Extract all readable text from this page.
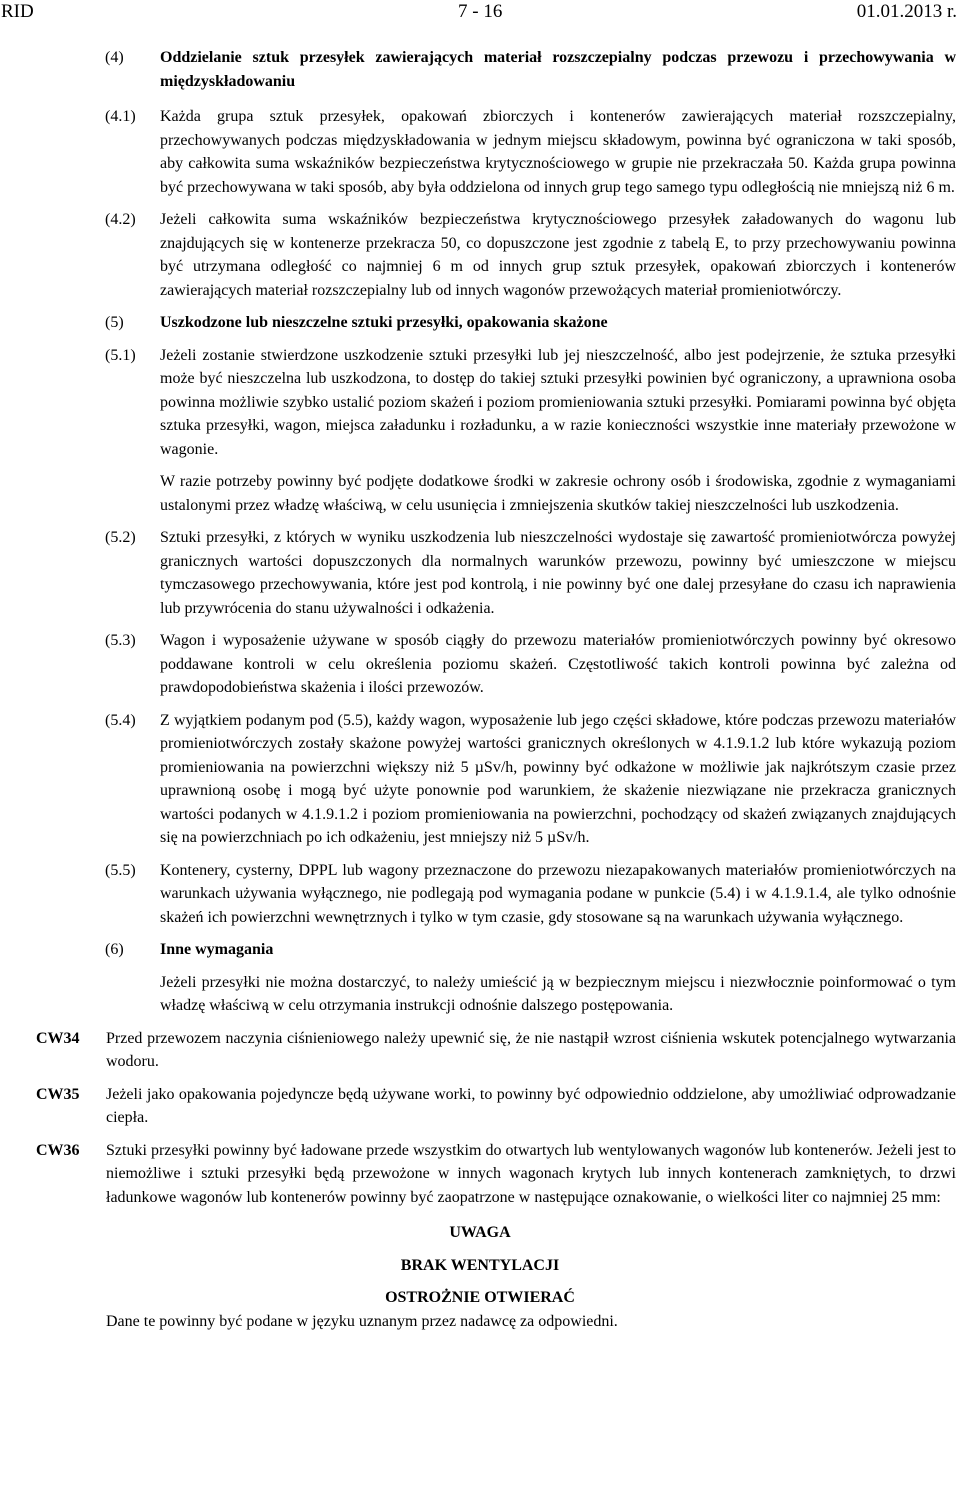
RID	7 - 16	01.01.2013 r.
(4)	Oddzielanie sztuk przesyłek zawierających materiał rozszczepialny podczas przewozu i przechowywania w międzyskładowaniu
(4.1)	Każda grupa sztuk przesyłek, opakowań zbiorczych i kontenerów zawierających materiał rozszczepialny, przechowywanych podczas międzyskładowania w jednym miejscu składowym, powinna być ograniczona w taki sposób, aby całkowita suma wskaźników bezpieczeństwa krytycznościowego w grupie nie przekraczała 50. Każda grupa powinna być przechowywana w taki sposób, aby była oddzielona od innych grup tego samego typu odległością nie mniejszą niż 6 m.
(4.2)	Jeżeli całkowita suma wskaźników bezpieczeństwa krytycznościowego przesyłek załadowanych do wagonu lub znajdujących się w kontenerze przekracza 50, co dopuszczone jest zgodnie z tabelą E, to przy przechowywaniu powinna być utrzymana odległość co najmniej 6 m od innych grup sztuk przesyłek, opakowań zbiorczych i kontenerów zawierających materiał rozszczepialny lub od innych wagonów przewożących materiał promieniotwórczy.
(5)	Uszkodzone lub nieszczelne sztuki przesyłki, opakowania skażone
(5.1)	Jeżeli zostanie stwierdzone uszkodzenie sztuki przesyłki lub jej nieszczelność, albo jest podejrzenie, że sztuka przesyłki może być nieszczelna lub uszkodzona, to dostęp do takiej sztuki przesyłki powinien być ograniczony, a uprawniona osoba powinna możliwie szybko ustalić poziom skażeń i poziom promieniowania sztuki przesyłki. Pomiarami powinna być objęta sztuka przesyłki, wagon, miejsca załadunku i rozładunku, a w razie konieczności wszystkie inne materiały przewożone w wagonie.
W razie potrzeby powinny być podjęte dodatkowe środki w zakresie ochrony osób i środowiska, zgodnie z wymaganiami ustalonymi przez władzę właściwą, w celu usunięcia i zmniejszenia skutków takiej nieszczelności lub uszkodzenia.
(5.2)	Sztuki przesyłki, z których w wyniku uszkodzenia lub nieszczelności wydostaje się zawartość promieniotwórcza powyżej granicznych wartości dopuszczonych dla normalnych warunków przewozu, powinny być umieszczone w miejscu tymczasowego przechowywania, które jest pod kontrolą, i nie powinny być one dalej przesyłane do czasu ich naprawienia lub przywrócenia do stanu używalności i odkażenia.
(5.3)	Wagon i wyposażenie używane w sposób ciągły do przewozu materiałów promieniotwórczych powinny być okresowo poddawane kontroli w celu określenia poziomu skażeń. Częstotliwość takich kontroli powinna być zależna od prawdopodobieństwa skażenia i ilości przewozów.
(5.4)	Z wyjątkiem podanym pod (5.5), każdy wagon, wyposażenie lub jego części składowe, które podczas przewozu materiałów promieniotwórczych zostały skażone powyżej wartości granicznych określonych w 4.1.9.1.2 lub które wykazują poziom promieniowania na powierzchni większy niż 5 µSv/h, powinny być odkażone w możliwie jak najkrótszym czasie przez uprawnioną osobę i mogą być użyte ponownie pod warunkiem, że skażenie niezwiązane nie przekracza granicznych wartości podanych w 4.1.9.1.2 i poziom promieniowania na powierzchni, pochodzący od skażeń związanych znajdujących się na powierzchniach po ich odkażeniu, jest mniejszy niż 5 µSv/h.
(5.5)	Kontenery, cysterny, DPPL lub wagony przeznaczone do przewozu niezapakowanych materiałów promieniotwórczych na warunkach używania wyłącznego, nie podlegają pod wymagania podane w punkcie (5.4) i w 4.1.9.1.4, ale tylko odnośnie skażeń ich powierzchni wewnętrznych i tylko w tym czasie, gdy stosowane są na warunkach używania wyłącznego.
(6)	Inne wymagania
Jeżeli przesyłki nie można dostarczyć, to należy umieścić ją w bezpiecznym miejscu i niezwłocznie poinformować o tym władzę właściwą w celu otrzymania instrukcji odnośnie dalszego postępowania.
CW34	Przed przewozem naczynia ciśnieniowego należy upewnić się, że nie nastąpił wzrost ciśnienia wskutek potencjalnego wytwarzania wodoru.
CW35	Jeżeli jako opakowania pojedyncze będą używane worki, to powinny być odpowiednio oddzielone, aby umożliwiać odprowadzanie ciepła.
CW36	Sztuki przesyłki powinny być ładowane przede wszystkim do otwartych lub wentylowanych wagonów lub kontenerów. Jeżeli jest to niemożliwe i sztuki przesyłki będą przewożone w innych wagonach krytych lub innych kontenerach zamkniętych, to drzwi ładunkowe wagonów lub kontenerów powinny być zaopatrzone w następujące oznakowanie, o wielkości liter co najmniej 25 mm:
UWAGA
BRAK WENTYLACJI
OSTROŻNIE OTWIERAĆ
Dane te powinny być podane w języku uznanym przez nadawcę za odpowiedni.
